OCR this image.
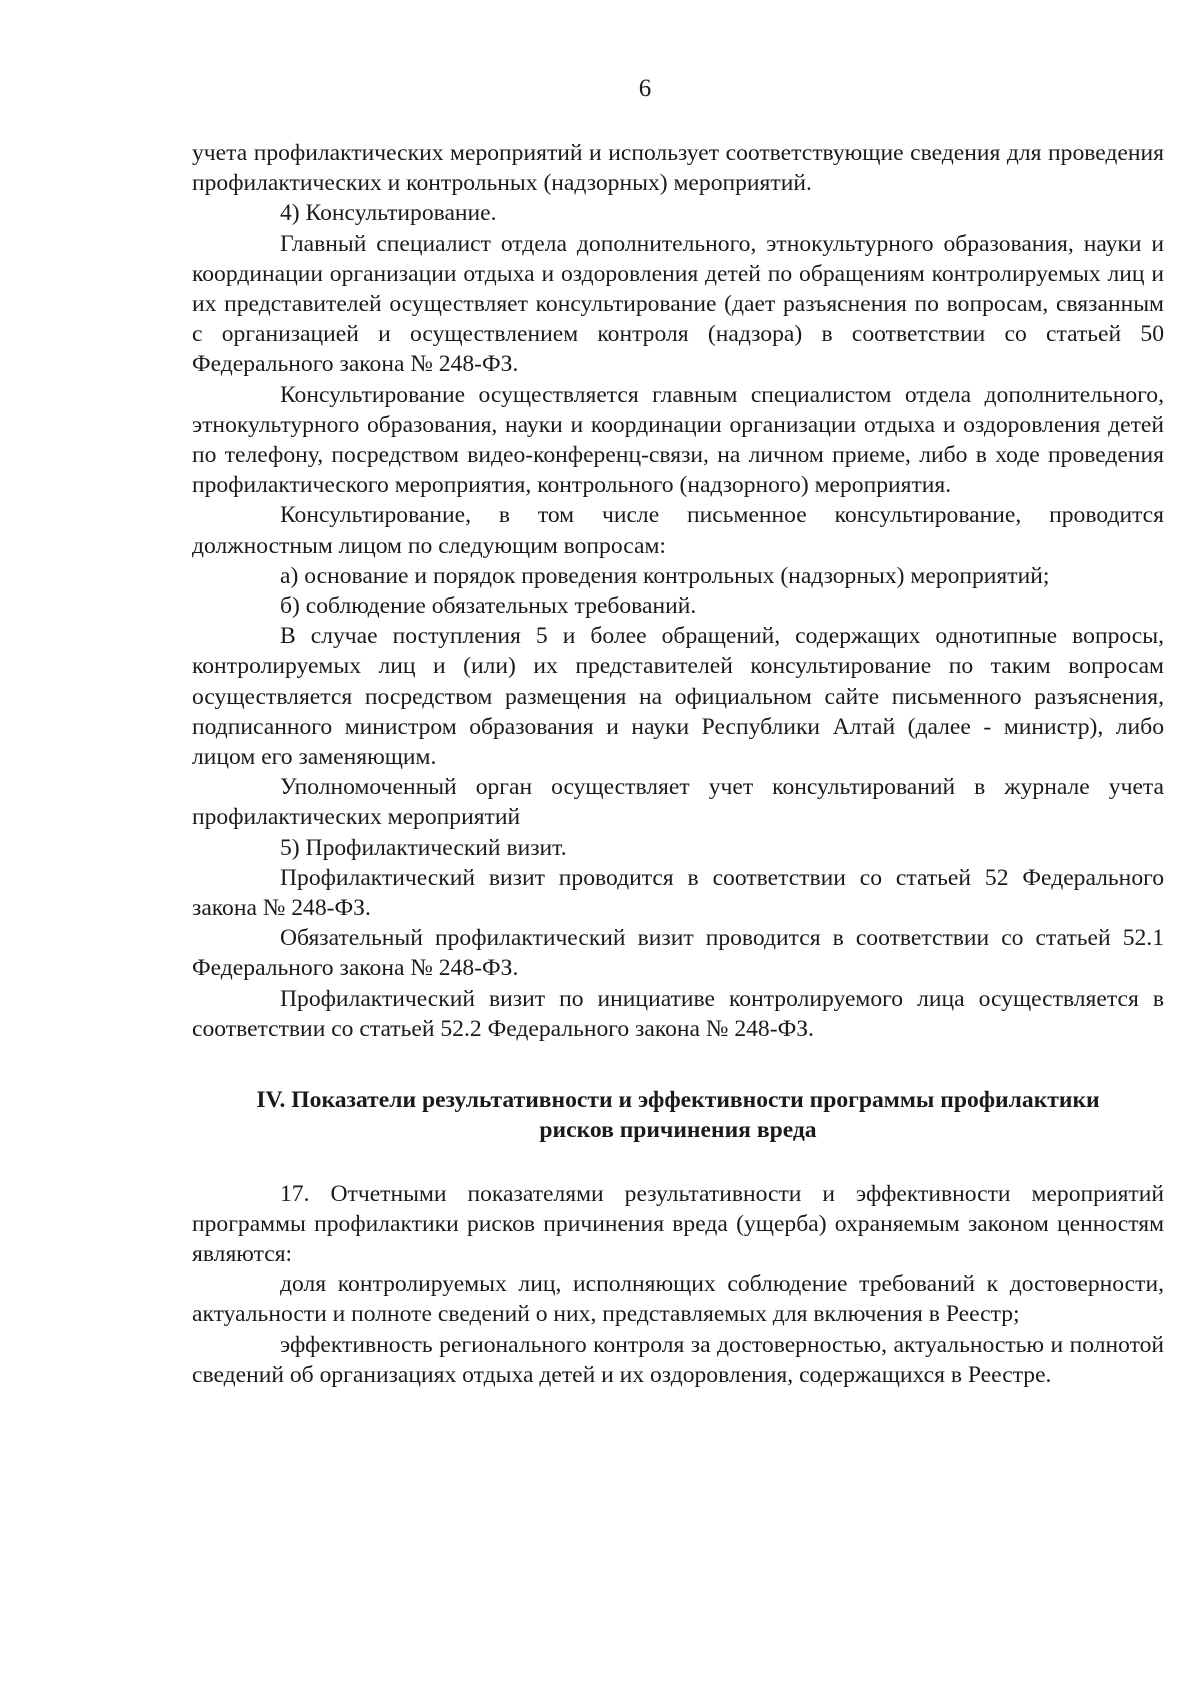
6

учета профилактических мероприятий и использует соответствующие сведения для проведения профилактических и контрольных (надзорных) мероприятий.

4) Консультирование.

Главный специалист отдела дополнительного, этнокультурного образования, науки и координации организации отдыха и оздоровления детей по обращениям контролируемых лиц и их представителей осуществляет консультирование (дает разъяснения по вопросам, связанным с организацией и осуществлением контроля (надзора) в соответствии со статьей 50 Федерального закона № 248-ФЗ.

Консультирование осуществляется главным специалистом отдела дополнительного, этнокультурного образования, науки и координации организации отдыха и оздоровления детей по телефону, посредством видео-конференц-связи, на личном приеме, либо в ходе проведения профилактического мероприятия, контрольного (надзорного) мероприятия.

Консультирование, в том числе письменное консультирование, проводится должностным лицом по следующим вопросам:

а) основание и порядок проведения контрольных (надзорных) мероприятий;

б) соблюдение обязательных требований.

В случае поступления 5 и более обращений, содержащих однотипные вопросы, контролируемых лиц и (или) их представителей консультирование по таким вопросам осуществляется посредством размещения на официальном сайте письменного разъяснения, подписанного министром образования и науки Республики Алтай (далее - министр), либо лицом его заменяющим.

Уполномоченный орган осуществляет учет консультирований в журнале учета профилактических мероприятий

5) Профилактический визит.

Профилактический визит проводится в соответствии со статьей 52 Федерального закона № 248-ФЗ.

Обязательный профилактический визит проводится в соответствии со статьей 52.1 Федерального закона № 248-ФЗ.

Профилактический визит по инициативе контролируемого лица осуществляется в соответствии со статьей 52.2 Федерального закона № 248-ФЗ.

IV. Показатели результативности и эффективности программы профилактики
рисков причинения вреда

17. Отчетными показателями результативности и эффективности мероприятий программы профилактики рисков причинения вреда (ущерба) охраняемым законом ценностям являются:

доля контролируемых лиц, исполняющих соблюдение требований к достоверности, актуальности и полноте сведений о них, представляемых для включения в Реестр;

эффективность регионального контроля за достоверностью, актуальностью и полнотой сведений об организациях отдыха детей и их оздоровления, содержащихся в Реестре.
